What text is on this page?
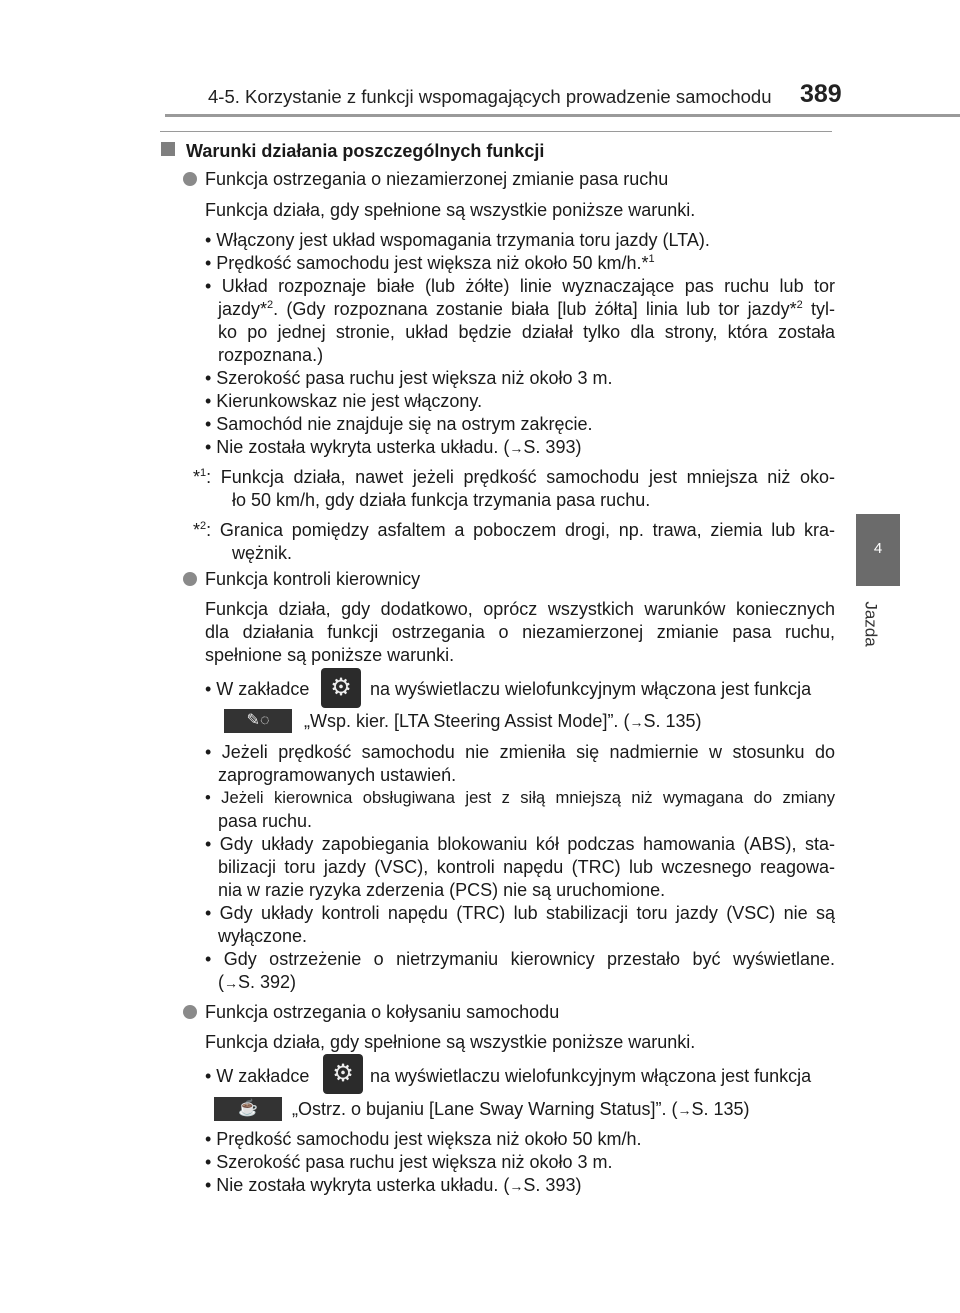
4-5. Korzystanie z funkcji wspomagających prowadzenie samochodu 389
4
Jazda
Warunki działania poszczególnych funkcji
Funkcja ostrzegania o niezamierzonej zmianie pasa ruchu
Funkcja działa, gdy spełnione są wszystkie poniższe warunki.
• Włączony jest układ wspomagania trzymania toru jazdy (LTA).
• Prędkość samochodu jest większa niż około 50 km/h.*$^1$
• Układ rozpoznaje białe (lub żółte) linie wyznaczające pas ruchu lub tor
jazdy*$^2$. (Gdy rozpoznana zostanie biała [lub żółta] linia lub tor jazdy*$^2$ tyl-
ko po jednej stronie, układ będzie działał tylko dla strony, która została
rozpoznana.)
• Szerokość pasa ruchu jest większa niż około 3 m.
• Kierunkowskaz nie jest włączony.
• Samochód nie znajduje się na ostrym zakręcie.
• Nie została wykryta usterka układu. (→S. 393)
*$^1$: Funkcja działa, nawet jeżeli prędkość samochodu jest mniejsza niż oko-
ło 50 km/h, gdy działa funkcja trzymania pasa ruchu.
*$^2$: Granica pomiędzy asfaltem a poboczem drogi, np. trawa, ziemia lub kra-
wężnik.
Funkcja kontroli kierownicy
Funkcja działa, gdy dodatkowo, oprócz wszystkich warunków koniecznych
dla działania funkcji ostrzegania o niezamierzonej zmianie pasa ruchu,
spełnione są poniższe warunki.
• W zakładce ⚙	na wyświetlaczu wielofunkcyjnym włączona jest funkcja
✎◌	„Wsp. kier. [LTA Steering Assist Mode]”. (→S. 135)
• Jeżeli prędkość samochodu nie zmieniła się nadmiernie w stosunku do
zaprogramowanych ustawień.
• Jeżeli kierownica obsługiwana jest z siłą mniejszą niż wymagana do zmiany
pasa ruchu.
• Gdy układy zapobiegania blokowaniu kół podczas hamowania (ABS), sta-
bilizacji toru jazdy (VSC), kontroli napędu (TRC) lub wczesnego reagowa-
nia w razie ryzyka zderzenia (PCS) nie są uruchomione.
• Gdy układy kontroli napędu (TRC) lub stabilizacji toru jazdy (VSC) nie są
wyłączone.
• Gdy ostrzeżenie o nietrzymaniu kierownicy przestało być wyświetlane.
(→S. 392)
Funkcja ostrzegania o kołysaniu samochodu
Funkcja działa, gdy spełnione są wszystkie poniższe warunki.
• W zakładce ⚙ na wyświetlaczu wielofunkcyjnym włączona jest funkcja
☕	„Ostrz. o bujaniu [Lane Sway Warning Status]”. (→S. 135)
• Prędkość samochodu jest większa niż około 50 km/h.
• Szerokość pasa ruchu jest większa niż około 3 m.
• Nie została wykryta usterka układu. (→S. 393)
